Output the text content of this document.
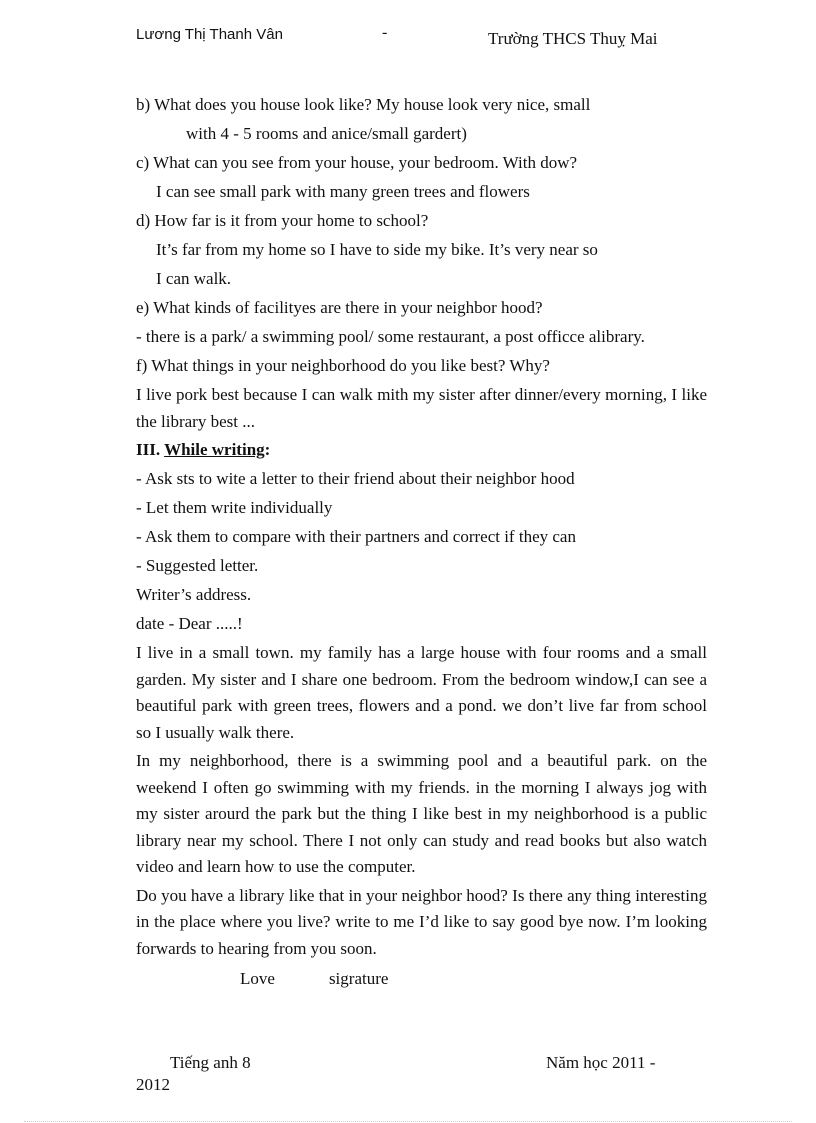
Lương Thị Thanh Vân	-	Trường THCS Thuỵ Mai

b) What does you house look like? My house look very nice, small

with 4 - 5 rooms and anice/small gardert)

c) What can you see from your house, your bedroom. With dow?

I can see small park with many green trees and flowers

d) How far is it from your home to school?

It’s far from my home so I have to side my bike. It’s very near so

I can walk.

e) What kinds of facilityes are there in your neighbor hood?

- there is a park/ a swimming pool/ some restaurant, a post officce alibrary.

f) What things in your neighborhood do you like best? Why?

I live pork best because I can walk mith my sister after dinner/every morning, I like the library best ...

III. While writing:

- Ask sts to wite a letter to their friend about their neighbor hood

- Let them write individually

- Ask them to compare with their partners and correct if they can

- Suggested letter.

Writer’s address.

date - Dear .....!

I live in a small town. my family has a large house with four rooms and a small garden. My sister and I share one bedroom. From the bedroom window,I can see a beautiful park with green trees, flowers and a pond. we don’t live far from school so I usually walk there.

In my neighborhood, there is a swimming pool and a beautiful park. on the weekend I often go swimming with my friends. in the morning I always jog with my sister arourd the park but the thing I like best in my neighborhood is a public library near my school. There I not only can study and read books but also watch video and learn how to use the computer.

Do you have a library like that in your neighbor hood? Is there any thing interesting in the place where you live? write to me I’d like to say good bye now. I’m looking forwards to hearing from you soon.

Love	sigrature

Tiếng anh 8	Năm học 2011 -
2012
